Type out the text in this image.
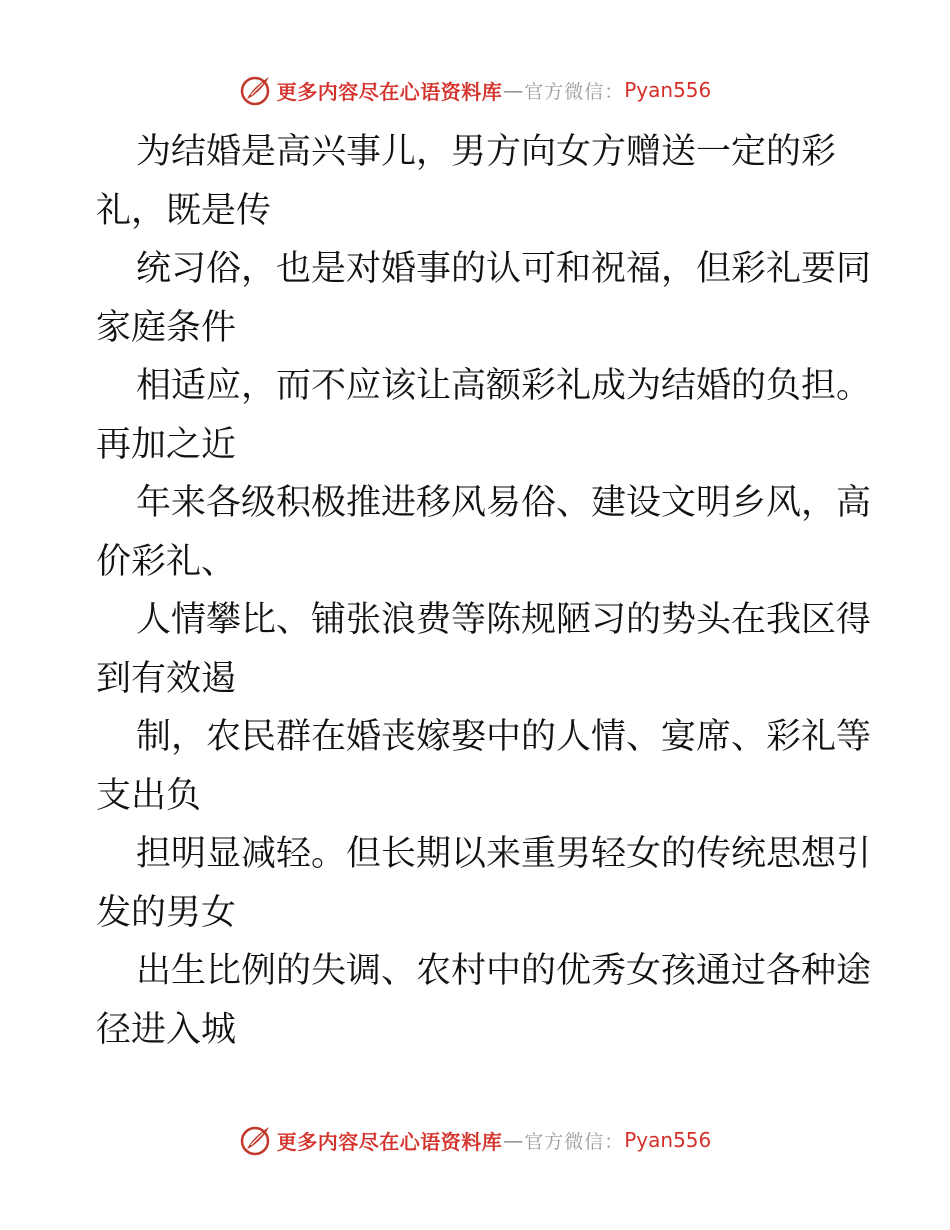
更多内容尽在心语资料库 — 官方微信： Pyan556
为结婚是高兴事儿，男方向女方赠送一定的彩
礼，既是传
统习俗，也是对婚事的认可和祝福，但彩礼要同
家庭条件
相适应，而不应该让高额彩礼成为结婚的负担。
再加之近
年来各级积极推进移风易俗、建设文明乡风，高
价彩礼、
人情攀比、铺张浪费等陈规陋习的势头在我区得
到有效遏
制，农民群在婚丧嫁娶中的人情、宴席、彩礼等
支出负
担明显减轻。但长期以来重男轻女的传统思想引
发的男女
出生比例的失调、农村中的优秀女孩通过各种途
径进入城
更多内容尽在心语资料库 — 官方微信： Pyan556
